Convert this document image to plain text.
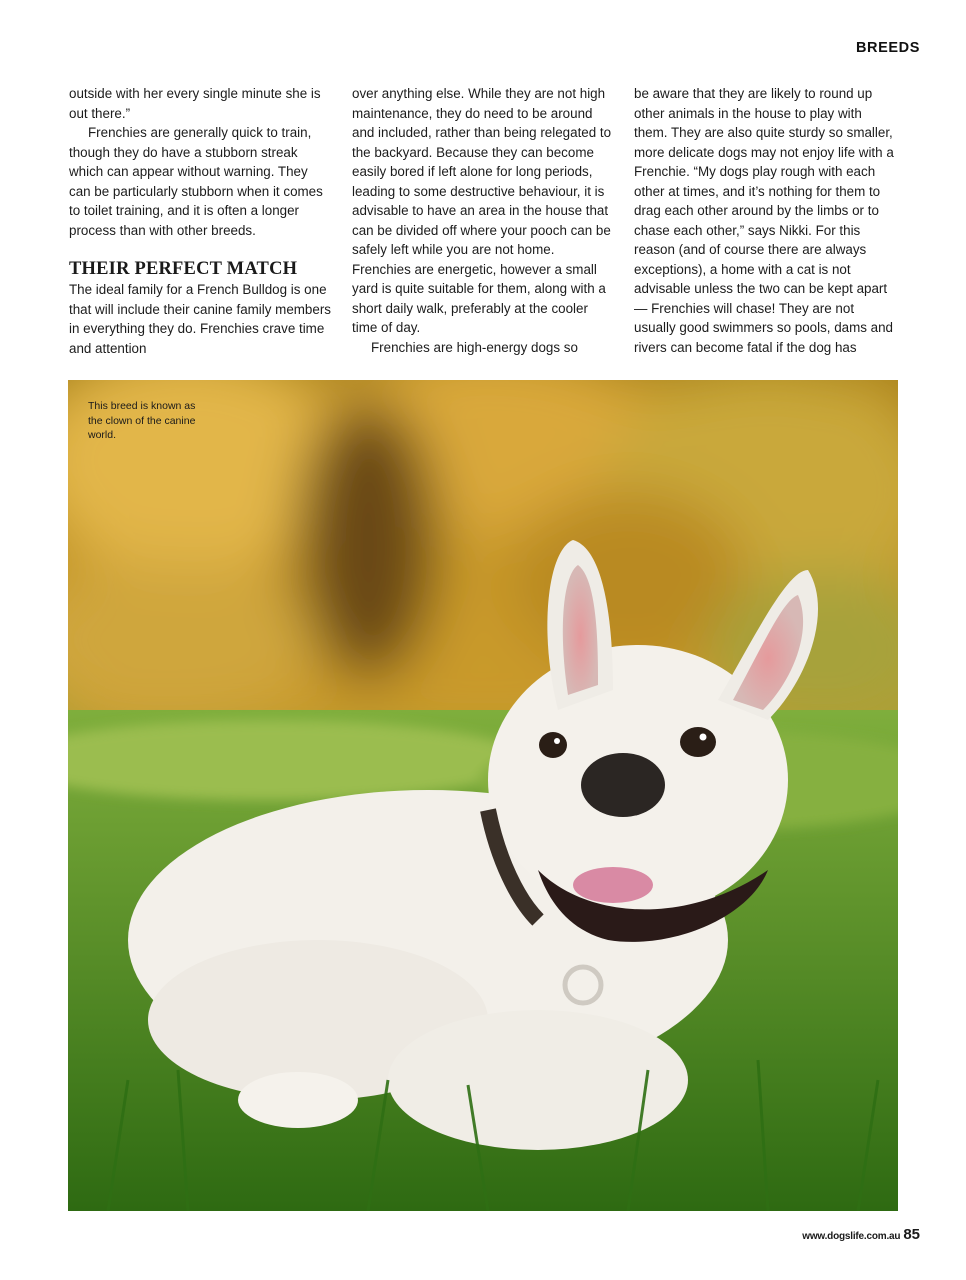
BREEDS

outside with her every single minute she is out there.”

Frenchies are generally quick to train, though they do have a stubborn streak which can appear without warning. They can be particularly stubborn when it comes to toilet training, and it is often a longer process than with other breeds.

THEIR PERFECT MATCH

The ideal family for a French Bulldog is one that will include their canine family members in everything they do. Frenchies crave time and attention

over anything else. While they are not high maintenance, they do need to be around and included, rather than being relegated to the backyard. Because they can become easily bored if left alone for long periods, leading to some destructive behaviour, it is advisable to have an area in the house that can be divided off where your pooch can be safely left while you are not home. Frenchies are energetic, however a small yard is quite suitable for them, along with a short daily walk, preferably at the cooler time of day.

Frenchies are high-energy dogs so

be aware that they are likely to round up other animals in the house to play with them. They are also quite sturdy so smaller, more delicate dogs may not enjoy life with a Frenchie. “My dogs play rough with each other at times, and it’s nothing for them to drag each other around by the limbs or to chase each other,” says Nikki. For this reason (and of course there are always exceptions), a home with a cat is not advisable unless the two can be kept apart — Frenchies will chase! They are not usually good swimmers so pools, dams and rivers can become fatal if the dog has

This breed is known as the clown of the canine world.
www.dogslife.com.au 85
